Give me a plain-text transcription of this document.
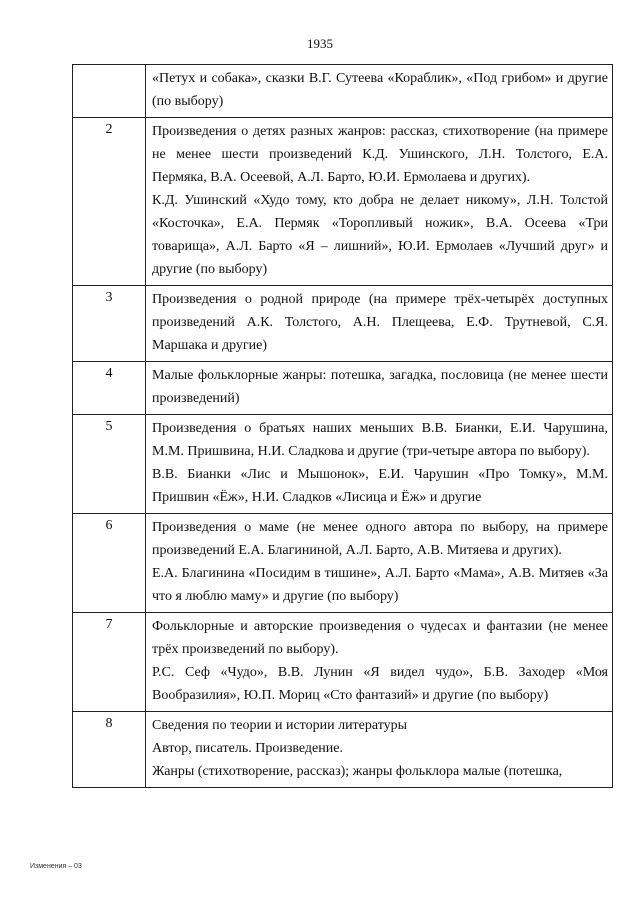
1935

	«Петух и собака», сказки В.Г. Сутеева «Кораблик», «Под грибом» и другие (по выбору)

2	Произведения о детях разных жанров: рассказ, стихотворение (на примере не менее шести произведений К.Д. Ушинского, Л.Н. Толстого, Е.А. Пермяка, В.А. Осеевой, А.Л. Барто, Ю.И. Ермолаева и других).

К.Д. Ушинский «Худо тому, кто добра не делает никому», Л.Н. Толстой «Косточка», Е.А. Пермяк «Торопливый ножик», В.А. Осеева «Три товарища», А.Л. Барто «Я – лишний», Ю.И. Ермолаев «Лучший друг» и другие (по выбору)

3	Произведения о родной природе (на примере трёх-четырёх доступных произведений А.К. Толстого, А.Н. Плещеева, Е.Ф. Трутневой, С.Я. Маршака и другие)

4	Малые фольклорные жанры: потешка, загадка, пословица (не менее шести произведений)

5	Произведения о братьях наших меньших В.В. Бианки, Е.И. Чарушина, М.М. Пришвина, Н.И. Сладкова и другие (три-четыре автора по выбору).

В.В. Бианки «Лис и Мышонок», Е.И. Чарушин «Про Томку», М.М. Пришвин «Ёж», Н.И. Сладков «Лисица и Ёж» и другие

6	Произведения о маме (не менее одного автора по выбору, на примере произведений Е.А. Благининой, А.Л. Барто, А.В. Митяева и других).

Е.А. Благинина «Посидим в тишине», А.Л. Барто «Мама», А.В. Митяев «За что я люблю маму» и другие (по выбору)

7	Фольклорные и авторские произведения о чудесах и фантазии (не менее трёх произведений по выбору).

Р.С. Сеф «Чудо», В.В. Лунин «Я видел чудо», Б.В. Заходер «Моя Вообразилия», Ю.П. Мориц «Сто фантазий» и другие (по выбору)

8	Сведения по теории и истории литературы

Автор, писатель. Произведение.

Жанры (стихотворение, рассказ); жанры фольклора малые (потешка,

Изменения – 03
